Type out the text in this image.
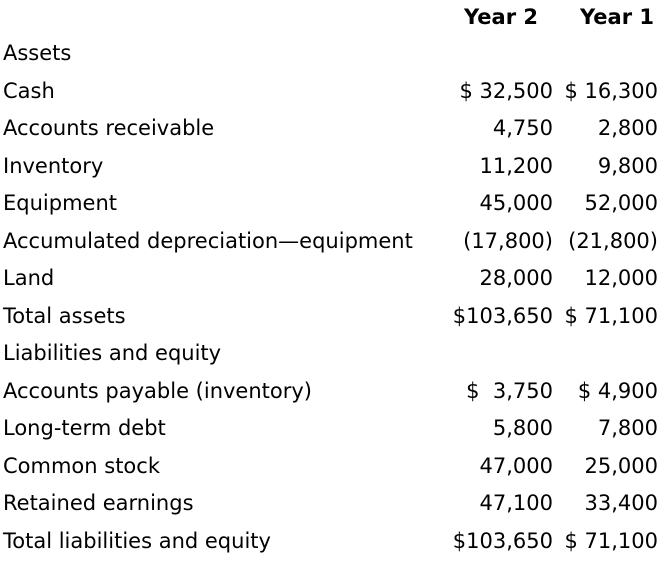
Year 2 Year 1
Assets
Cash	$ 32,500 $ 16,300
Accounts receivable	4,750 2,800
Inventory	11,200 9,800
Equipment	45,000 52,000
Accumulated depreciation—equipment (17,800) (21,800)
Land	28,000 12,000
Total assets	$103,650 $ 71,100
Liabilities and equity
Accounts payable (inventory)	$  3,750 $ 4,900
Long-term debt	5,800 7,800
Common stock	47,000 25,000
Retained earnings	47,100 33,400
Total liabilities and equity	$103,650 $ 71,100
